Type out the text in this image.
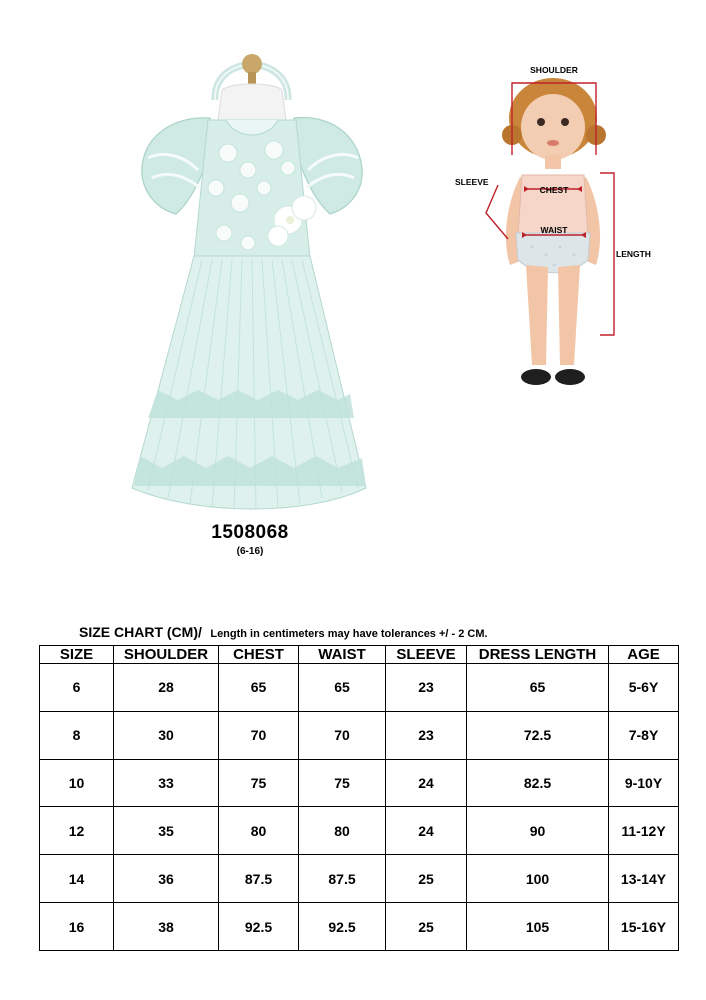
SHOULDER
CHEST
SLEEVE
WAIST
LENGTH
1508068
(6-16)
SIZE CHART (CM)/ Length in centimeters may have tolerances +/ - 2 CM.
SIZE	SHOULDER	CHEST	WAIST	SLEEVE	DRESS LENGTH	AGE
6	28	65	65	23	65	5-6Y
8	30	70	70	23	72.5	7-8Y
10	33	75	75	24	82.5	9-10Y
12	35	80	80	24	90	11-12Y
14	36	87.5	87.5	25	100	13-14Y
16	38	92.5	92.5	25	105	15-16Y
